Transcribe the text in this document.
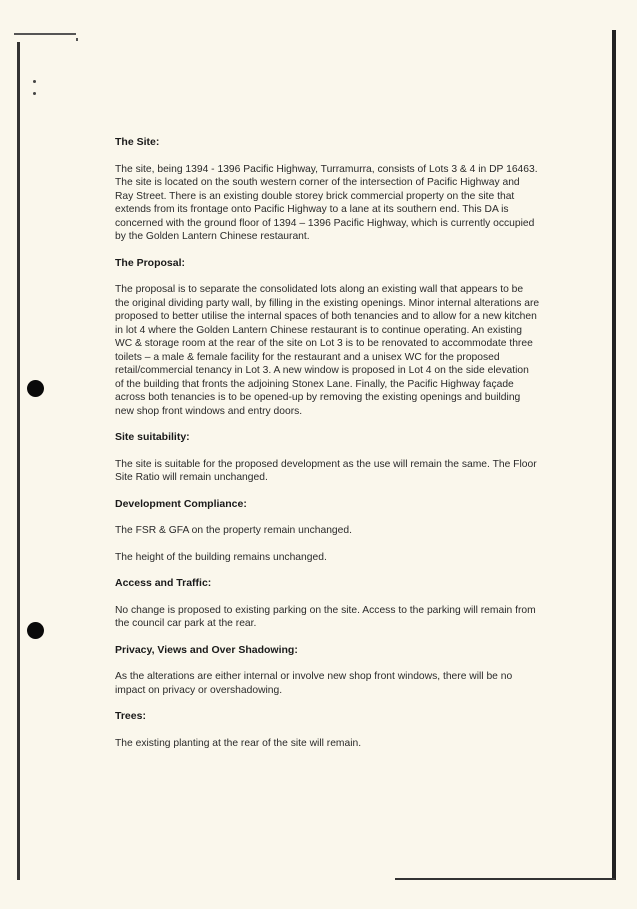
The Site:

The site, being 1394 - 1396 Pacific Highway, Turramurra, consists of Lots 3 & 4 in DP 16463. The site is located on the south western corner of the intersection of Pacific Highway and Ray Street. There is an existing double storey brick commercial property on the site that extends from its frontage onto Pacific Highway to a lane at its southern end. This DA is concerned with the ground floor of 1394 – 1396 Pacific Highway, which is currently occupied by the Golden Lantern Chinese restaurant.

The Proposal:

The proposal is to separate the consolidated lots along an existing wall that appears to be the original dividing party wall, by filling in the existing openings. Minor internal alterations are proposed to better utilise the internal spaces of both tenancies and to allow for a new kitchen in lot 4 where the Golden Lantern Chinese restaurant is to continue operating. An existing WC & storage room at the rear of the site on Lot 3 is to be renovated to accommodate three toilets – a male & female facility for the restaurant and a unisex WC for the proposed retail/commercial tenancy in Lot 3. A new window is proposed in Lot 4 on the side elevation of the building that fronts the adjoining Stonex Lane. Finally, the Pacific Highway façade across both tenancies is to be opened-up by removing the existing openings and building new shop front windows and entry doors.

Site suitability:

The site is suitable for the proposed development as the use will remain the same. The Floor Site Ratio will remain unchanged.

Development Compliance:

The FSR & GFA on the property remain unchanged.

The height of the building remains unchanged.

Access and Traffic:

No change is proposed to existing parking on the site. Access to the parking will remain from the council car park at the rear.

Privacy, Views and Over Shadowing:

As the alterations are either internal or involve new shop front windows, there will be no impact on privacy or overshadowing.

Trees:

The existing planting at the rear of the site will remain.
